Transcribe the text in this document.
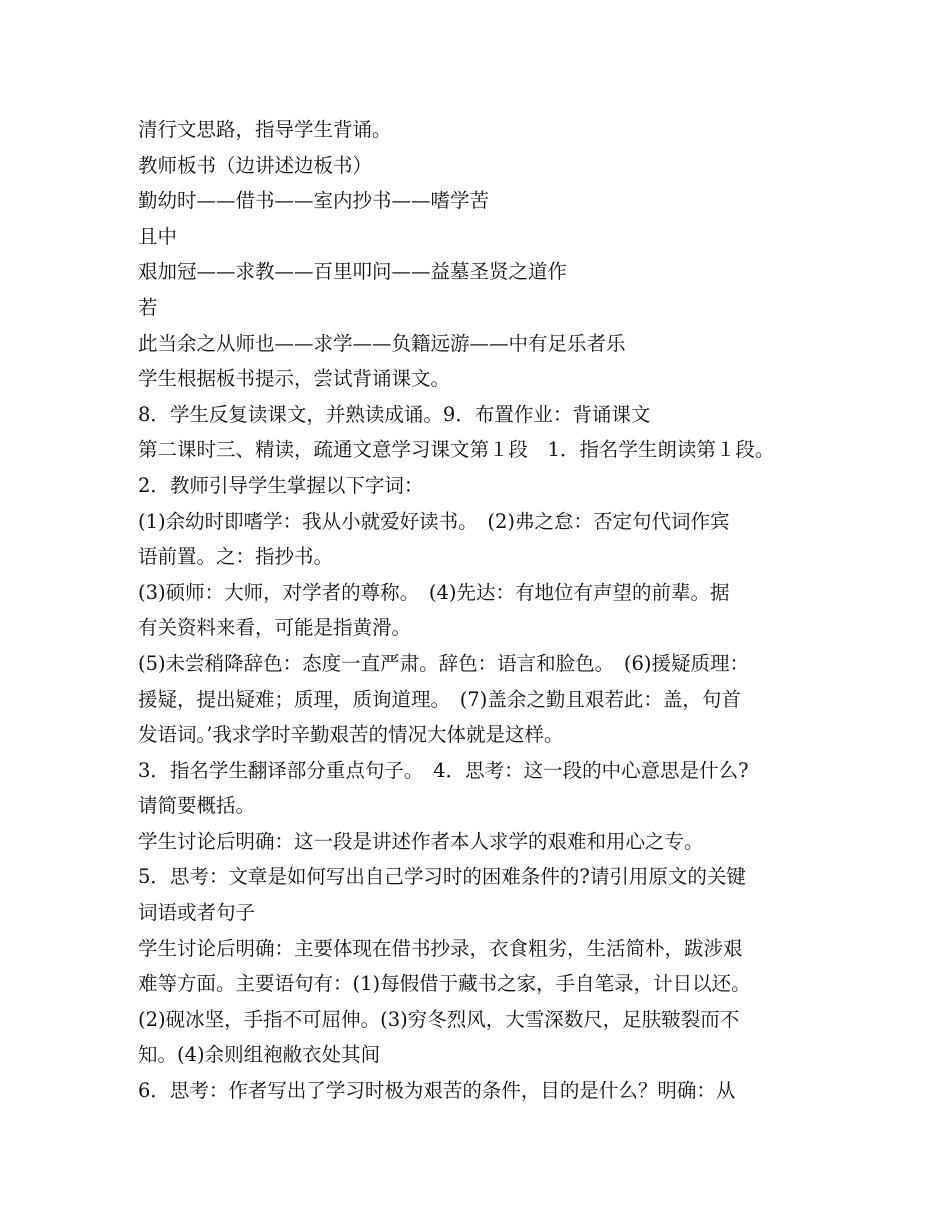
清行文思路，指导学生背诵。
教师板书（边讲述边板书）
勤幼时——借书——室内抄书——嗜学苦
且中
艰加冠——求教——百里叩问——益墓圣贤之道作
若
此当余之从师也——求学——负籍远游——中有足乐者乐
学生根据板书提示，尝试背诵课文。
8．学生反复读课文，并熟读成诵。9．布置作业：背诵课文
第二课时三、精读，疏通文意学习课文第１段　1．指名学生朗读第１段。
2．教师引导学生掌握以下字词：
(1)余幼时即嗜学：我从小就爱好读书。　(2)弗之怠：否定句代词作宾
语前置。之：指抄书。
(3)硕师：大师，对学者的尊称。　(4)先达：有地位有声望的前辈。据
有关资料来看，可能是指黄滑。
(5)未尝稍降辞色：态度一直严肃。辞色：语言和脸色。　(6)援疑质理：
援疑，提出疑难；质理，质询道理。　(7)盖余之勤且艰若此：盖，句首
发语词。’我求学时辛勤艰苦的情况大体就是这样。
3．指名学生翻译部分重点句子。　4．思考：这一段的中心意思是什么?
请简要概括。
学生讨论后明确：这一段是讲述作者本人求学的艰难和用心之专。
5．思考：文章是如何写出自己学习时的困难条件的?请引用原文的关键
词语或者句子
学生讨论后明确：主要体现在借书抄录，衣食粗劣，生活简朴，跋涉艰
难等方面。主要语句有：(1)每假借于藏书之家，手自笔录，计日以还。
(2)砚冰坚，手指不可屈伸。(3)穷冬烈风，大雪深数尺，足肤皲裂而不
知。(4)余则组袍敝衣处其间
6．思考：作者写出了学习时极为艰苦的条件，目的是什么？明确：从
